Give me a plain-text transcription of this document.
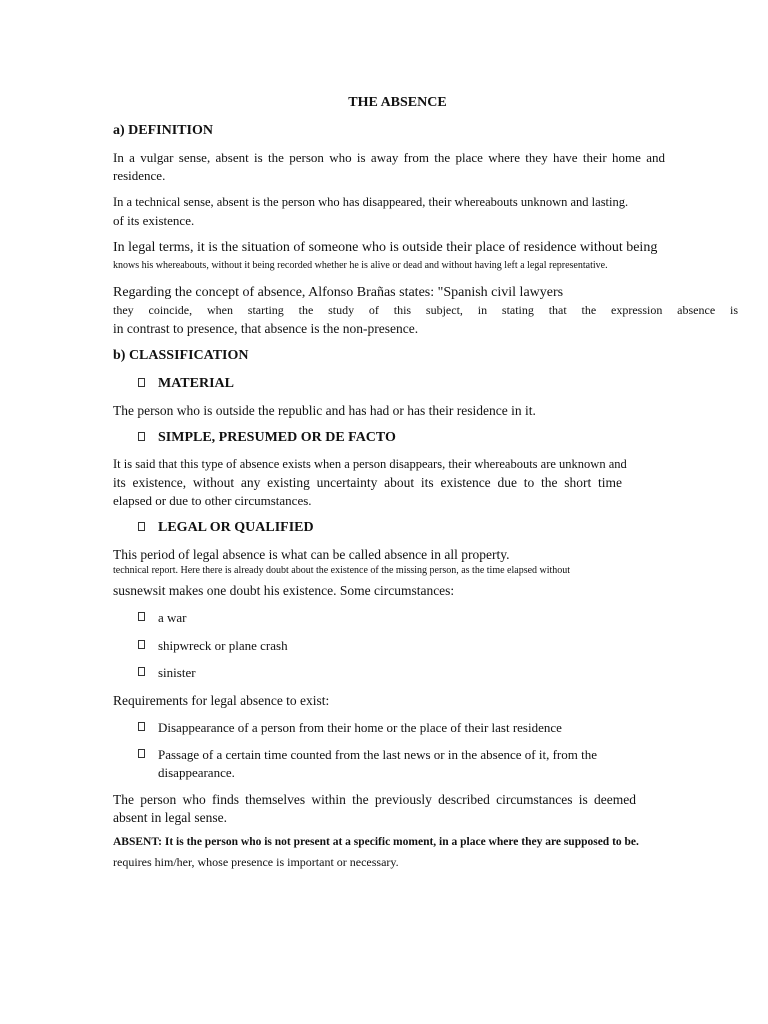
THE ABSENCE
a) DEFINITION
In a vulgar sense, absent is the person who is away from the place where they have their home and
residence.
In a technical sense, absent is the person who has disappeared, their whereabouts unknown and lasting.
of its existence.
In legal terms, it is the situation of someone who is outside their place of residence without being
knows his whereabouts, without it being recorded whether he is alive or dead and without having left a legal representative.
Regarding the concept of absence, Alfonso Brañas states: "Spanish civil lawyers
they coincide, when starting the study of this subject, in stating that the expression absence is
in contrast to presence, that absence is the non-presence.
b) CLASSIFICATION
MATERIAL
The person who is outside the republic and has had or has their residence in it.
SIMPLE, PRESUMED OR DE FACTO
It is said that this type of absence exists when a person disappears, their whereabouts are unknown and
its existence, without any existing uncertainty about its existence due to the short time
elapsed or due to other circumstances.
LEGAL OR QUALIFIED
This period of legal absence is what can be called absence in all property.
technical report. Here there is already doubt about the existence of the missing person, as the time elapsed without
susnewsit makes one doubt his existence. Some circumstances:
a war
shipwreck or plane crash
sinister
Requirements for legal absence to exist:
Disappearance of a person from their home or the place of their last residence
Passage of a certain time counted from the last news or in the absence of it, from the
disappearance.
The person who finds themselves within the previously described circumstances is deemed
absent in legal sense.
ABSENT: It is the person who is not present at a specific moment, in a place where they are supposed to be.
requires him/her, whose presence is important or necessary.
